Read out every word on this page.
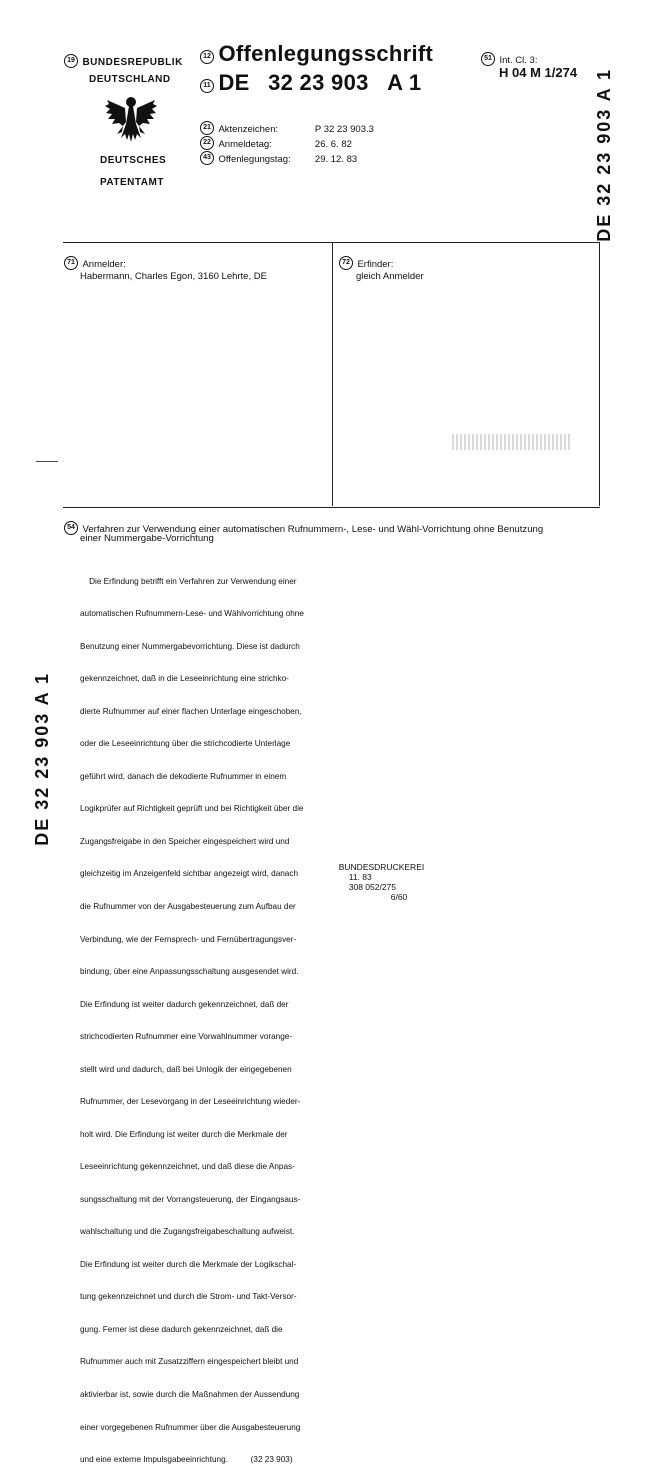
19 BUNDESREPUBLIK
DEUTSCHLAND
DEUTSCHES
PATENTAMT
12 Offenlegungsschrift
11 DE 32 23 903 A 1
51 Int. Cl. 3:
H 04 M 1/274
21 Aktenzeichen:	P 32 23 903.3
22 Anmeldetag:	26. 6. 82
43 Offenlegungstag:	29. 12. 83	DE 32 23 903 A 1
71 Anmelder:
Habermann, Charles Egon, 3160 Lehrte, DE
72 Erfinder:
gleich Anmelder
54 Verfahren zur Verwendung einer automatischen Rufnummern-, Lese- und Wähl-Vorrichtung ohne Benutzung
einer Nummergabe-Vorrichtung

Die Erfindung betrifft ein Verfahren zur Verwendung einer

automatischen Rufnummern-Lese- und Wählvorrichtung ohne

Benutzung einer Nummergabevorrichtung. Diese ist dadurch

gekennzeichnet, daß in die Leseeinrichtung eine strichko-

dierte Rufnummer auf einer flachen Unterlage eingeschoben,

oder die Leseeinrichtung über die strichcodierte Unterlage

geführt wird, danach die dekodierte Rufnummer in einem

Logikprüfer auf Richtigkeit geprüft und bei Richtigkeit über die

Zugangsfreigabe in den Speicher eingespeichert wird und

gleichzeitig im Anzeigenfeld sichtbar angezeigt wird, danach

die Rufnummer von der Ausgabesteuerung zum Aufbau der

Verbindung, wie der Fernsprech- und Fernübertragungsver-

bindung, über eine Anpassungsschaltung ausgesendet wird.

Die Erfindung ist weiter dadurch gekennzeichnet, daß der

strichcodierten Rufnummer eine Vorwahlnummer vorange-

stellt wird und dadurch, daß bei Unlogik der eingegebenen

Rufnummer, der Lesevorgang in der Leseeinrichtung wieder-

holt wird. Die Erfindung ist weiter durch die Merkmale der

Leseeinrichtung gekennzeichnet, und daß diese die Anpas-

sungsschaltung mit der Vorrangsteuerung, der Eingangsaus-

wahlschaltung und die Zugangsfreigabeschaltung aufweist.

Die Erfindung ist weiter durch die Merkmale der Logikschal-

tung gekennzeichnet und durch die Strom- und Takt-Versor-

gung. Ferner ist diese dadurch gekennzeichnet, daß die

Rufnummer auch mit Zusatzziffern eingespeichert bleibt und

aktivierbar ist, sowie durch die Maßnahmen der Aussendung

einer vorgegebenen Rufnummer über die Ausgabesteuerung

und eine externe Impulsgabeeinrichtung.          (32 23 903)

DE 32 23 903 A 1

BUNDESDRUCKEREI
11. 83
308 052/275
6/60
